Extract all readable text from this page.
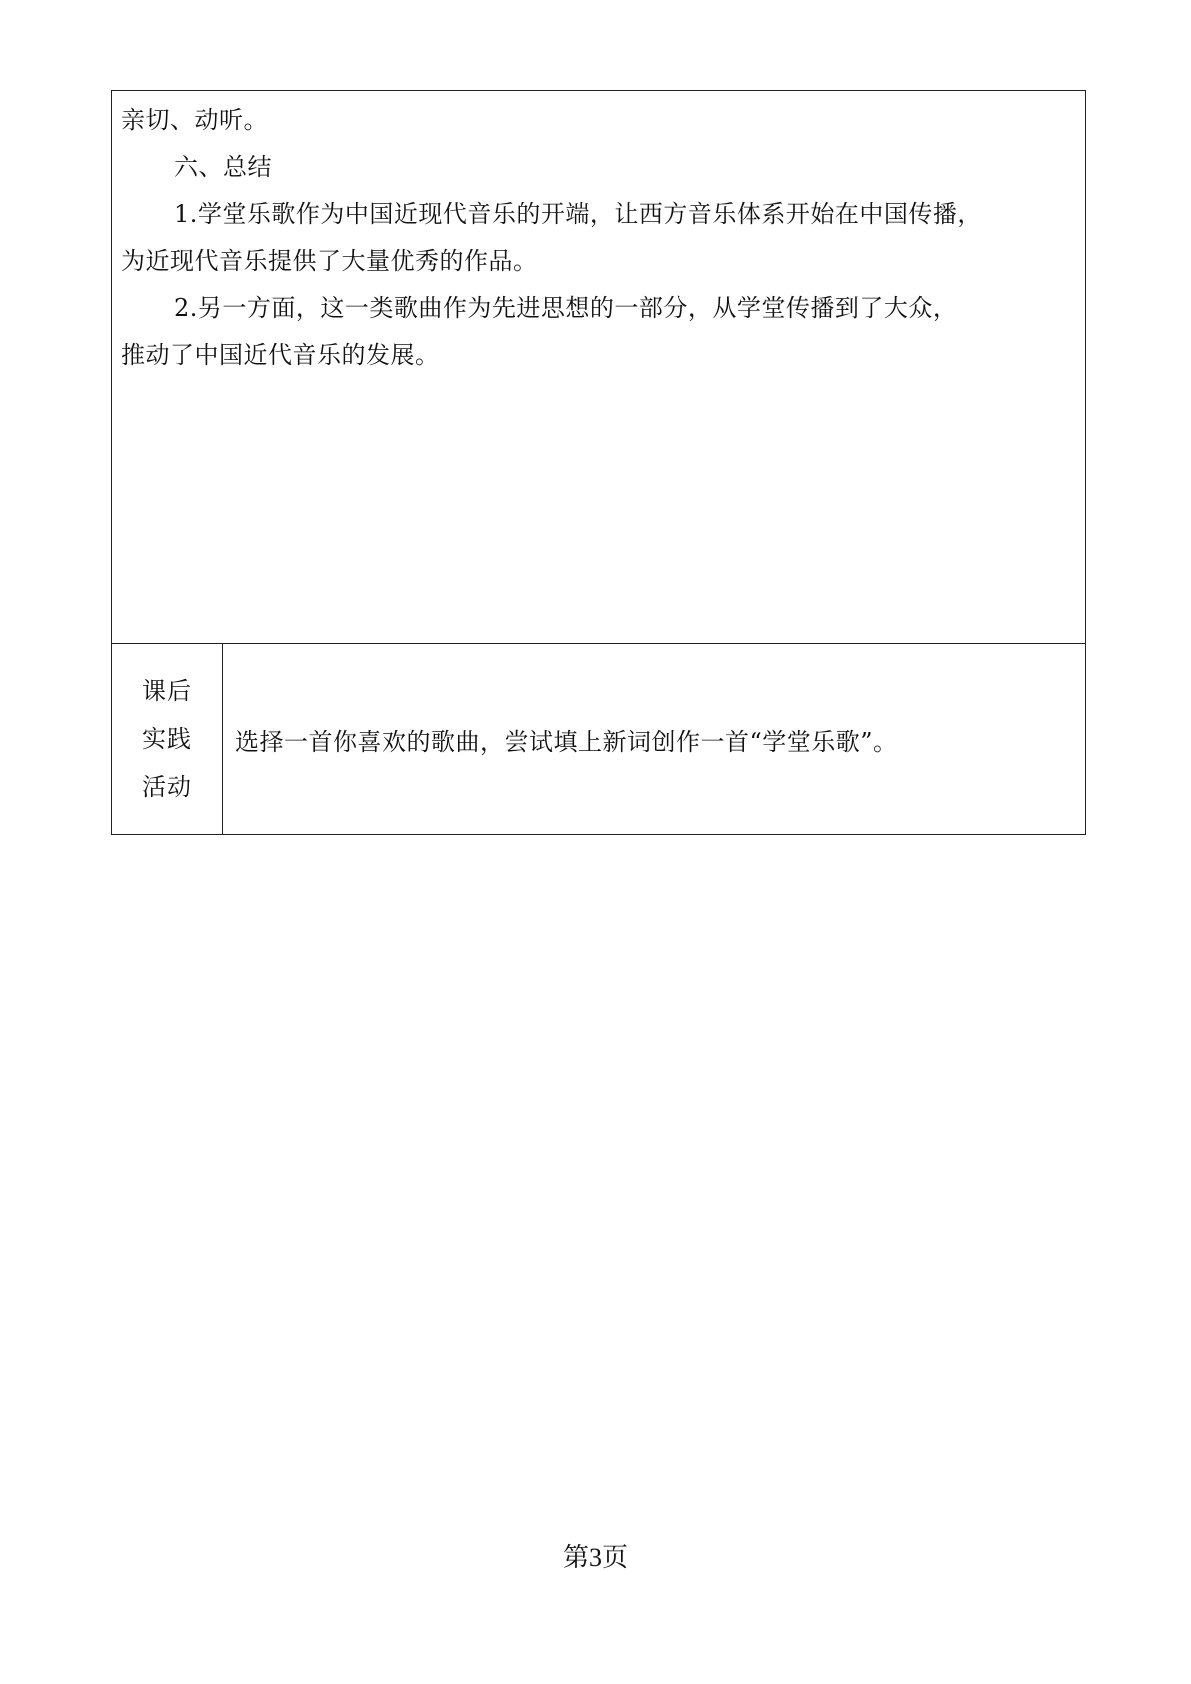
亲切、动听。

六、总结

1.学堂乐歌作为中国近现代音乐的开端，让西方音乐体系开始在中国传播，

为近现代音乐提供了大量优秀的作品。

2.另一方面，这一类歌曲作为先进思想的一部分，从学堂传播到了大众，

推动了中国近代音乐的发展。

课后
实践
活动
选择一首你喜欢的歌曲，尝试填上新词创作一首“学堂乐歌”。
第3页
